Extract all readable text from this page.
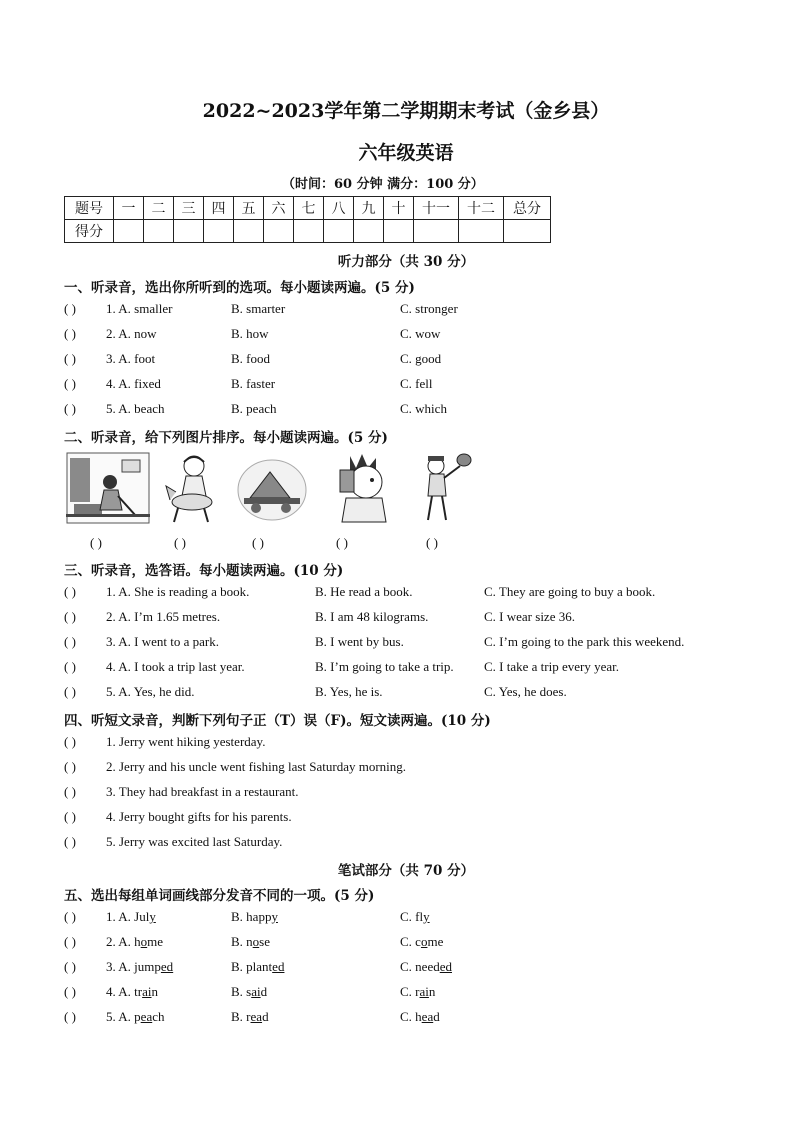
2022~2023学年第二学期期末考试（金乡县）
六年级英语
（时间：60 分钟 满分：100 分）
题号	一	二	三	四	五	六	七	八	九	十	十一	十二	总分
得分													
听力部分（共 30 分）
一、听录音，选出你所听到的选项。每小题读两遍。(5 分)
( ) 1. A. smaller	B. smarter	C. stronger
( ) 2. A. now	B. how	C. wow
( ) 3. A. foot	B. food	C. good
( ) 4. A. fixed	B. faster	C. fell
( ) 5. A. beach	B. peach	C. which
二、听录音，给下列图片排序。每小题读两遍。(5 分)
( )	( )	( )	( )	( )
三、听录音，选答语。每小题读两遍。(10 分)
( ) 1. A. She is reading a book.	B. He read a book.	C. They are going to buy a book.
( ) 2. A. I’m 1.65 metres.	B. I am 48 kilograms.	C. I wear size 36.
( ) 3. A. I went to a park.	B. I went by bus.	C. I’m going to the park this weekend.
( ) 4. A. I took a trip last year.	B. I’m going to take a trip. C. I take a trip every year.
( ) 5. A. Yes, he did.	B. Yes, he is.	C. Yes, he does.
四、听短文录音，判断下列句子正（T）误（F)。短文读两遍。(10 分)
( ) 1. Jerry went hiking yesterday.
( ) 2. Jerry and his uncle went fishing last Saturday morning.
( ) 3. They had breakfast in a restaurant.
( ) 4. Jerry bought gifts for his parents.
( ) 5. Jerry was excited last Saturday.
笔试部分（共 70 分）
五、选出每组单词画线部分发音不同的一项。(5 分)
( ) 1. A. July	B. happy	C. fly
( ) 2. A. home	B. nose	C. come
( ) 3. A. jumped	B. planted	C. needed
( ) 4. A. train	B. said	C. rain
( ) 5. A. peach	B. read	C. head
